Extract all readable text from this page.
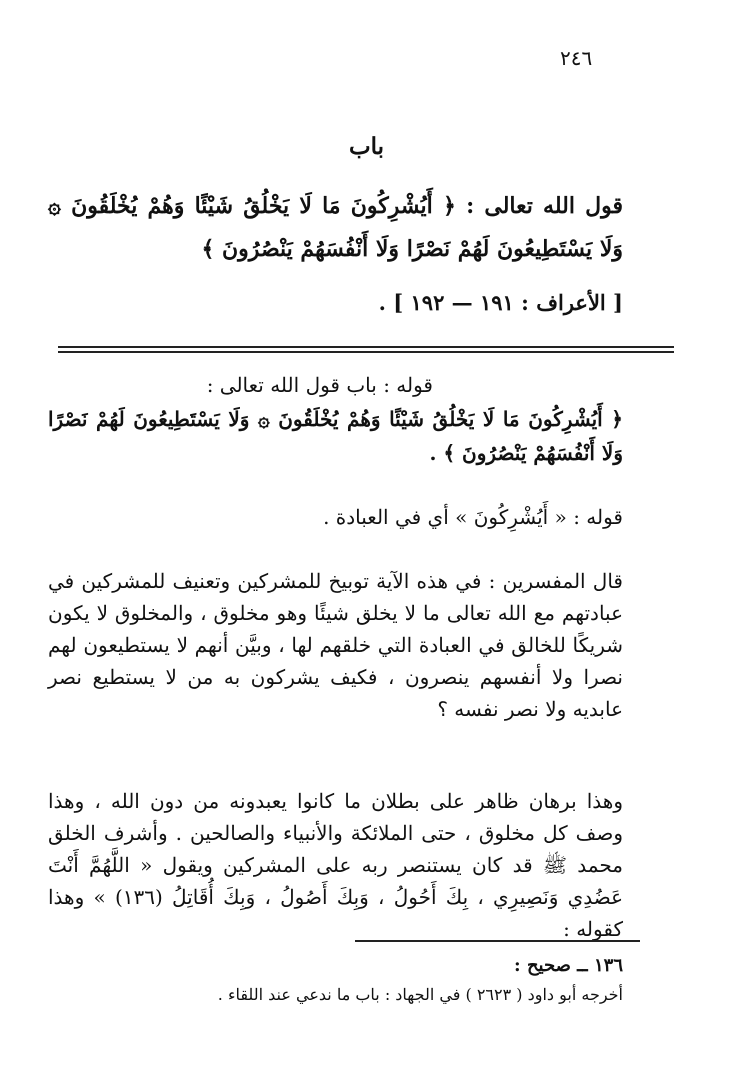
٢٤٦
باب
قول الله تعالى : ﴿ أَيُشْرِكُونَ مَا لَا يَخْلُقُ شَيْئًا وَهُمْ يُخْلَقُونَ ۞ وَلَا يَسْتَطِيعُونَ لَهُمْ نَصْرًا وَلَا أَنْفُسَهُمْ يَنْصُرُونَ ﴾
[ الأعراف : ١٩١ — ١٩٢ ] .
قوله : باب قول الله تعالى :
﴿ أَيُشْرِكُونَ مَا لَا يَخْلُقُ شَيْئًا وَهُمْ يُخْلَقُونَ ۞ وَلَا يَسْتَطِيعُونَ لَهُمْ نَصْرًا وَلَا أَنْفُسَهُمْ يَنْصُرُونَ ﴾ .
قوله : « أَيُشْرِكُونَ » أي في العبادة .
قال المفسرين : في هذه الآية توبيخ للمشركين وتعنيف للمشركين في عبادتهم مع الله تعالى ما لا يخلق شيئًا وهو مخلوق ، والمخلوق لا يكون شريكًا للخالق في العبادة التي خلقهم لها ، وبيَّن أنهم لا يستطيعون لهم نصرا ولا أنفسهم ينصرون ، فكيف يشركون به من لا يستطيع نصر عابديه ولا نصر نفسه ؟
وهذا برهان ظاهر على بطلان ما كانوا يعبدونه من دون الله ، وهذا وصف كل مخلوق ، حتى الملائكة والأنبياء والصالحين . وأشرف الخلق محمد ﷺ قد كان يستنصر ربه على المشركين ويقول « اللَّهُمَّ أَنْتَ عَضُدِي وَنَصِيرِي ، بِكَ أَحُولُ ، وَبِكَ أَصُولُ ، وَبِكَ أُقَاتِلُ (١٣٦) » وهذا كقوله :
١٣٦ ــ صحيح :
أخرجه أبو داود ( ٢٦٢٣ ) في الجهاد : باب ما ندعي عند اللقاء .
